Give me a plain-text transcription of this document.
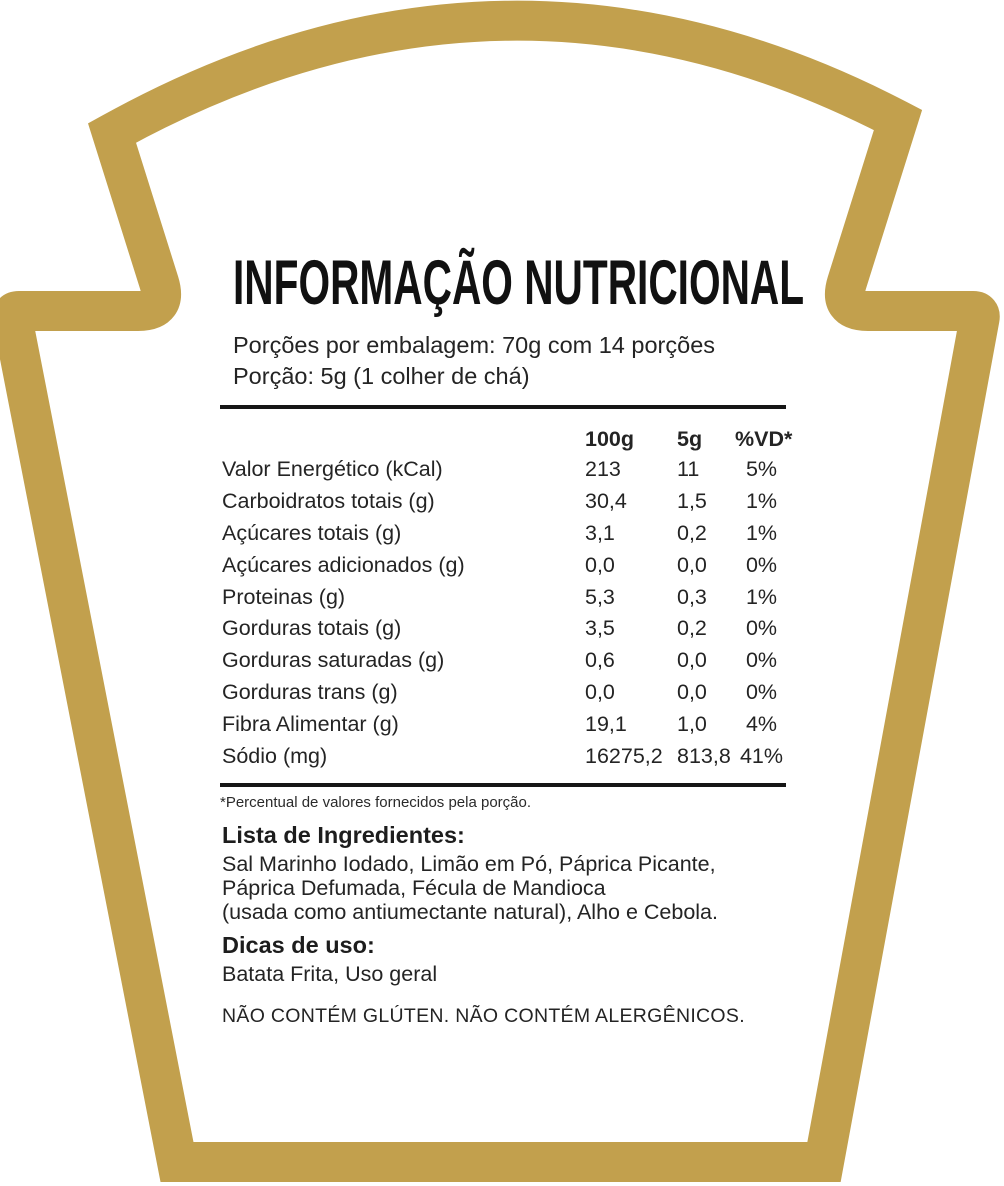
INFORMAÇÃO NUTRICIONAL
Porções por embalagem: 70g com 14 porções
Porção: 5g (1 colher de chá)
100g	5g	%VD*
Valor Energético (kCal)	213	11	5%
Carboidratos totais (g)	30,4	1,5	1%
Açúcares totais (g)	3,1	0,2	1%
Açúcares adicionados (g)	0,0	0,0	0%
Proteinas (g)	5,3	0,3	1%
Gorduras totais (g)	3,5	0,2	0%
Gorduras saturadas (g)	0,6	0,0	0%
Gorduras trans (g)	0,0	0,0	0%
Fibra Alimentar (g)	19,1	1,0	4%
Sódio (mg)	16275,2 813,8 41%
*Percentual de valores fornecidos pela porção.
Lista de Ingredientes:
Sal Marinho Iodado, Limão em Pó, Páprica Picante,
Páprica Defumada, Fécula de Mandioca
(usada como antiumectante natural), Alho e Cebola.
Dicas de uso:
Batata Frita, Uso geral
NÃO CONTÉM GLÚTEN. NÃO CONTÉM ALERGÊNICOS.
